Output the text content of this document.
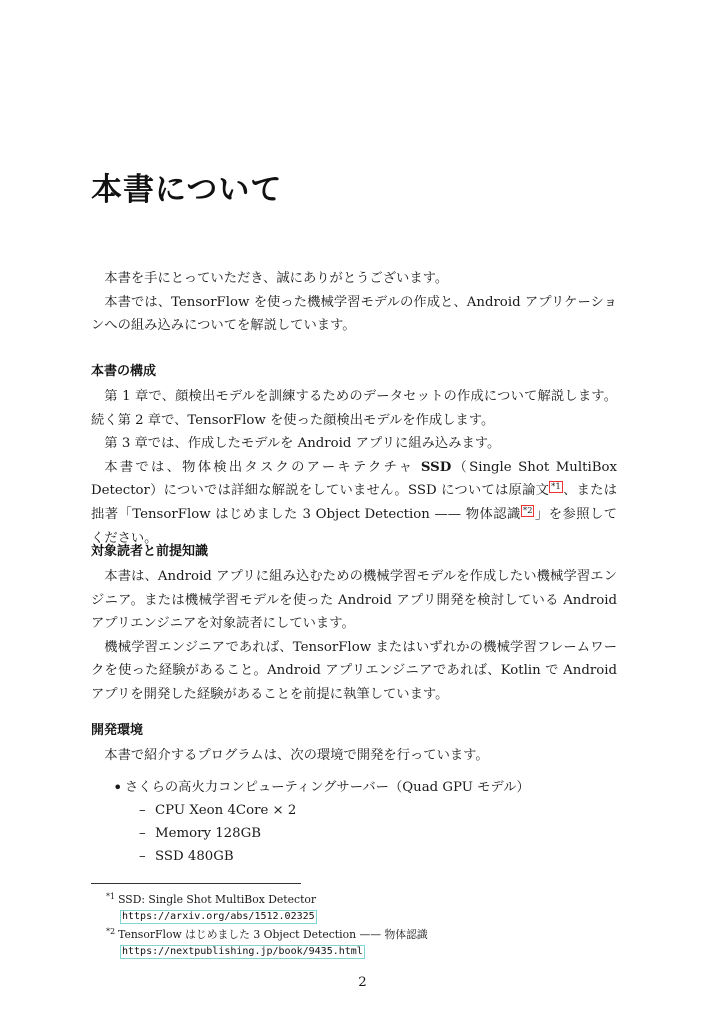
本書について

本書を手にとっていただき、誠にありがとうございます。

本書では、TensorFlow を使った機械学習モデルの作成と、Android アプリケーションへの組み込みについてを解説しています。

本書の構成

第 1 章で、顔検出モデルを訓練するためのデータセットの作成について解説します。続く第 2 章で、TensorFlow を使った顔検出モデルを作成します。

第 3 章では、作成したモデルを Android アプリに組み込みます。

本書では、物体検出タスクのアーキテクチャ SSD（Single Shot MultiBox Detector）についでは詳細な解説をしていません。SSD については原論文 $^{*1}$ 、または拙著「TensorFlow はじめました 3 Object Detection —— 物体認識 $^{*2}$ 」を参照してください。

対象読者と前提知識

本書は、Android アプリに組み込むための機械学習モデルを作成したい機械学習エンジニア。または機械学習モデルを使った Android アプリ開発を検討している Android アプリエンジニアを対象読者にしています。

機械学習エンジニアであれば、TensorFlow またはいずれかの機械学習フレームワークを使った経験があること。Android アプリエンジニアであれば、Kotlin で Android アプリを開発した経験があることを前提に執筆しています。

開発環境

本書で紹介するプログラムは、次の環境で開発を行っています。

• さくらの高火力コンピューティングサーバー（Quad GPU モデル）
– CPU Xeon 4Core × 2
– Memory 128GB
– SSD 480GB
$^{*1}$ SSD: Single Shot MultiBox Detector
https://arxiv.org/abs/1512.02325
$^{*2}$ TensorFlow はじめました 3 Object Detection —— 物体認識
https://nextpublishing.jp/book/9435.html
2
